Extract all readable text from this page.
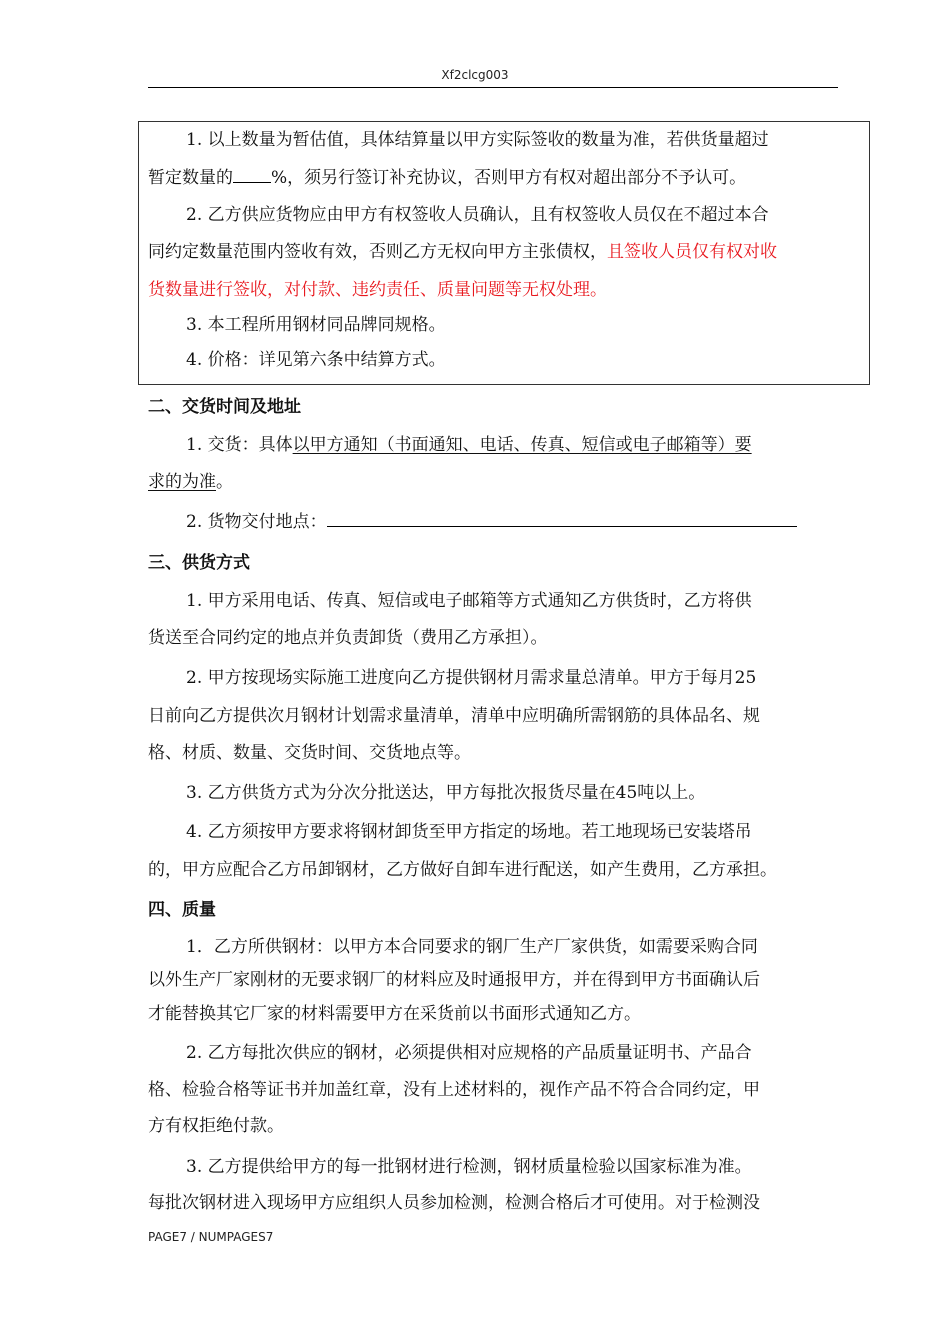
Xf2clcg003
1. 以上数量为暂估值，具体结算量以甲方实际签收的数量为准，若供货量超过
暂定数量的 %，须另行签订补充协议，否则甲方有权对超出部分不予认可。
2. 乙方供应货物应由甲方有权签收人员确认，且有权签收人员仅在不超过本合
同约定数量范围内签收有效，否则乙方无权向甲方主张债权，且签收人员仅有权对收
货数量进行签收，对付款、违约责任、质量问题等无权处理。
3. 本工程所用钢材同品牌同规格。
4. 价格：详见第六条中结算方式。
二、交货时间及地址
1. 交货：具体以甲方通知（书面通知、电话、传真、短信或电子邮箱等）要
求的为准。
2. 货物交付地点：
三、供货方式
1. 甲方采用电话、传真、短信或电子邮箱等方式通知乙方供货时，乙方将供
货送至合同约定的地点并负责卸货（费用乙方承担）。
2. 甲方按现场实际施工进度向乙方提供钢材月需求量总清单。甲方于每月25
日前向乙方提供次月钢材计划需求量清单，清单中应明确所需钢筋的具体品名、规
格、材质、数量、交货时间、交货地点等。
3. 乙方供货方式为分次分批送达，甲方每批次报货尽量在45吨以上。
4. 乙方须按甲方要求将钢材卸货至甲方指定的场地。若工地现场已安装塔吊
的，甲方应配合乙方吊卸钢材，乙方做好自卸车进行配送，如产生费用，乙方承担。
四、质量
1．乙方所供钢材：以甲方本合同要求的钢厂生产厂家供货，如需要采购合同
以外生产厂家刚材的无要求钢厂的材料应及时通报甲方，并在得到甲方书面确认后
才能替换其它厂家的材料需要甲方在采货前以书面形式通知乙方。
2. 乙方每批次供应的钢材，必须提供相对应规格的产品质量证明书、产品合
格、检验合格等证书并加盖红章，没有上述材料的，视作产品不符合合同约定，甲
方有权拒绝付款。
3. 乙方提供给甲方的每一批钢材进行检测，钢材质量检验以国家标准为准。
每批次钢材进入现场甲方应组织人员参加检测，检测合格后才可使用。对于检测没
PAGE7 / NUMPAGES7
